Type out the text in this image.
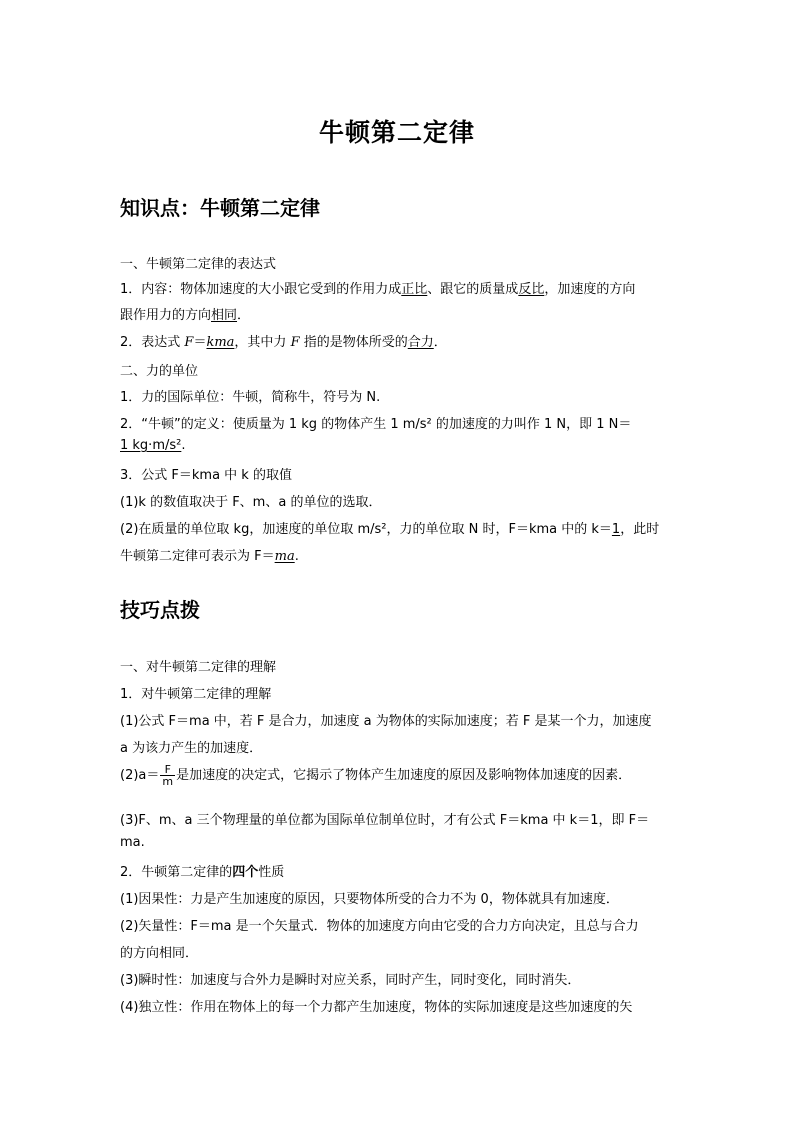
牛顿第二定律
知识点：牛顿第二定律
一、牛顿第二定律的表达式
1．内容：物体加速度的大小跟它受到的作用力成正比、跟它的质量成反比，加速度的方向
跟作用力的方向相同．
2．表达式 F＝kma，其中力 F 指的是物体所受的合力．
二、力的单位
1．力的国际单位：牛顿，简称牛，符号为 N.
2．“牛顿”的定义：使质量为 1 kg 的物体产生 1 m/s² 的加速度的力叫作 1 N，即 1 N＝
1 kg·m/s².
3．公式 F＝kma 中 k 的取值
(1)k 的数值取决于 F、m、a 的单位的选取．
(2)在质量的单位取 kg，加速度的单位取 m/s²，力的单位取 N 时，F＝kma 中的 k＝1，此时
牛顿第二定律可表示为 F＝ma.
技巧点拨
一、对牛顿第二定律的理解
1．对牛顿第二定律的理解
(1)公式 F＝ma 中，若 F 是合力，加速度 a 为物体的实际加速度；若 F 是某一个力，加速度
a 为该力产生的加速度．
$(2)a= \frac{F}{m}$ 是加速度的决定式，它揭示了物体产生加速度的原因及影响物体加速度的因素．
(3)F、m、a 三个物理量的单位都为国际单位制单位时，才有公式 F＝kma 中 k＝1，即 F＝
ma.
2．牛顿第二定律的四个性质
(1)因果性：力是产生加速度的原因，只要物体所受的合力不为 0，物体就具有加速度．
(2)矢量性：F＝ma 是一个矢量式．物体的加速度方向由它受的合力方向决定，且总与合力
的方向相同．
(3)瞬时性：加速度与合外力是瞬时对应关系，同时产生，同时变化，同时消失．
(4)独立性：作用在物体上的每一个力都产生加速度，物体的实际加速度是这些加速度的矢
